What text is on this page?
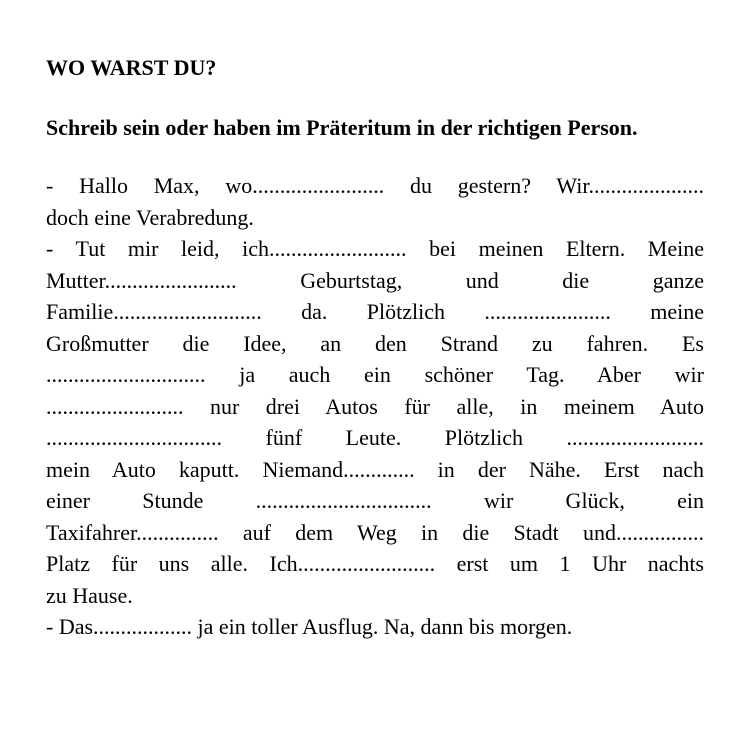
WO WARST DU?

Schreib sein oder haben im Präteritum in der richtigen Person.

- Hallo Max, wo........................ du gestern? Wir.....................
doch eine Verabredung.
- Tut mir leid, ich......................... bei meinen Eltern. Meine
Mutter........................ Geburtstag, und die ganze
Familie........................... da. Plötzlich ....................... meine
Großmutter die Idee, an den Strand zu fahren. Es
............................. ja auch ein schöner Tag. Aber wir
......................... nur drei Autos für alle, in meinem Auto
................................ fünf Leute. Plötzlich .........................
mein Auto kaputt. Niemand............. in der Nähe. Erst nach
einer Stunde ................................ wir Glück, ein
Taxifahrer............... auf dem Weg in die Stadt und................
Platz für uns alle. Ich......................... erst um 1 Uhr nachts
zu Hause.
- Das.................. ja ein toller Ausflug. Na, dann bis morgen.
